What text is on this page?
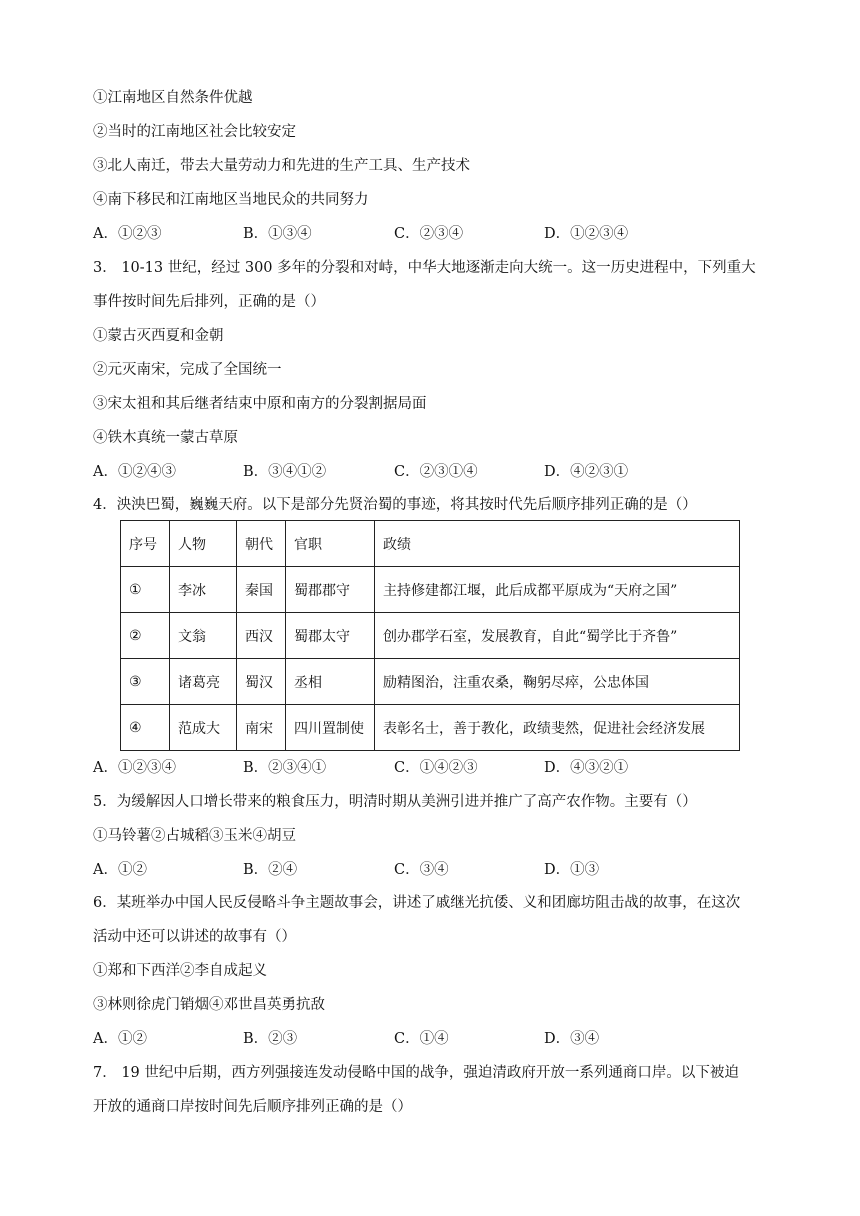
①江南地区自然条件优越
②当时的江南地区社会比较安定
③北人南迁，带去大量劳动力和先进的生产工具、生产技术
④南下移民和江南地区当地民众的共同努力
A．①②③	B．①③④	C．②③④	D．①②③④
3． 10-13 世纪，经过 300 多年的分裂和对峙，中华大地逐渐走向大统一。这一历史进程中，下列重大
事件按时间先后排列，正确的是（）
①蒙古灭西夏和金朝
②元灭南宋，完成了全国统一
③宋太祖和其后继者结束中原和南方的分裂割据局面
④铁木真统一蒙古草原
A．①②④③	B．③④①②	C．②③①④	D．④②③①
4．泱泱巴蜀，巍巍天府。以下是部分先贤治蜀的事迹，将其按时代先后顺序排列正确的是（）
序号	人物	朝代	官职	政绩
①	李冰	秦国	蜀郡郡守	主持修建都江堰，此后成都平原成为“天府之国”
②	文翁	西汉	蜀郡太守	创办郡学石室，发展教育，自此“蜀学比于齐鲁”
③	诸葛亮	蜀汉	丞相	励精图治，注重农桑，鞠躬尽瘁，公忠体国
④	范成大	南宋	四川置制使	表彰名士，善于教化，政绩斐然，促进社会经济发展
A．①②③④	B．②③④①	C．①④②③	D．④③②①
5．为缓解因人口增长带来的粮食压力，明清时期从美洲引进并推广了高产农作物。主要有（）
①马铃薯②占城稻③玉米④胡豆
A．①②	B．②④	C．③④	D．①③
6．某班举办中国人民反侵略斗争主题故事会，讲述了戚继光抗倭、义和团廊坊阻击战的故事，在这次
活动中还可以讲述的故事有（）
①郑和下西洋②李自成起义
③林则徐虎门销烟④邓世昌英勇抗敌
A．①②	B．②③	C．①④	D．③④
7． 19 世纪中后期，西方列强接连发动侵略中国的战争，强迫清政府开放一系列通商口岸。以下被迫
开放的通商口岸按时间先后顺序排列正确的是（）
